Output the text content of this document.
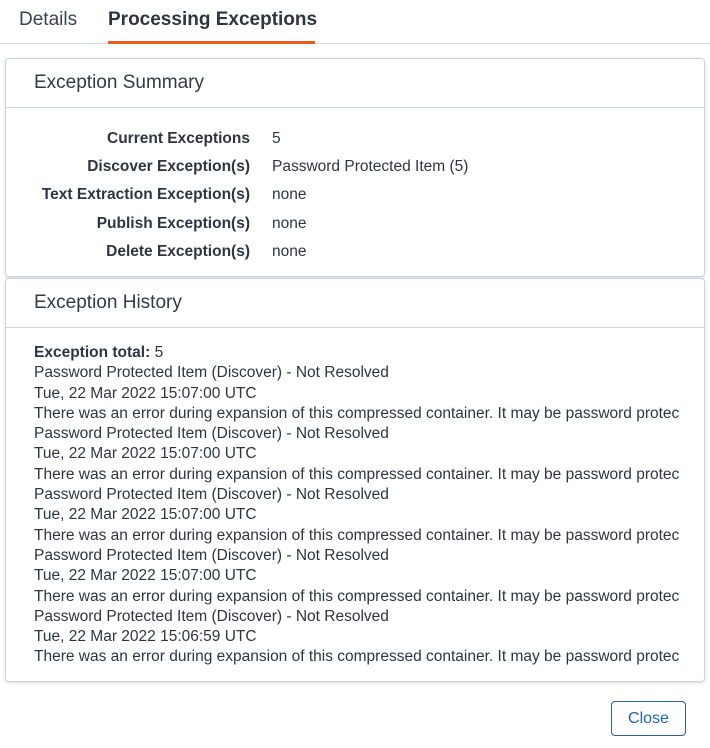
Details Processing Exceptions
Exception Summary
Current Exceptions 5
Discover Exception(s) Password Protected Item (5)
Text Extraction Exception(s) none
Publish Exception(s) none
Delete Exception(s) none
Exception History
Exception total: 5
Password Protected Item (Discover) - Not Resolved
Tue, 22 Mar 2022 15:07:00 UTC
There was an error during expansion of this compressed container. It may be password protec
Password Protected Item (Discover) - Not Resolved
Tue, 22 Mar 2022 15:07:00 UTC
There was an error during expansion of this compressed container. It may be password protec
Password Protected Item (Discover) - Not Resolved
Tue, 22 Mar 2022 15:07:00 UTC
There was an error during expansion of this compressed container. It may be password protec
Password Protected Item (Discover) - Not Resolved
Tue, 22 Mar 2022 15:07:00 UTC
There was an error during expansion of this compressed container. It may be password protec
Password Protected Item (Discover) - Not Resolved
Tue, 22 Mar 2022 15:06:59 UTC
There was an error during expansion of this compressed container. It may be password protec
Close
